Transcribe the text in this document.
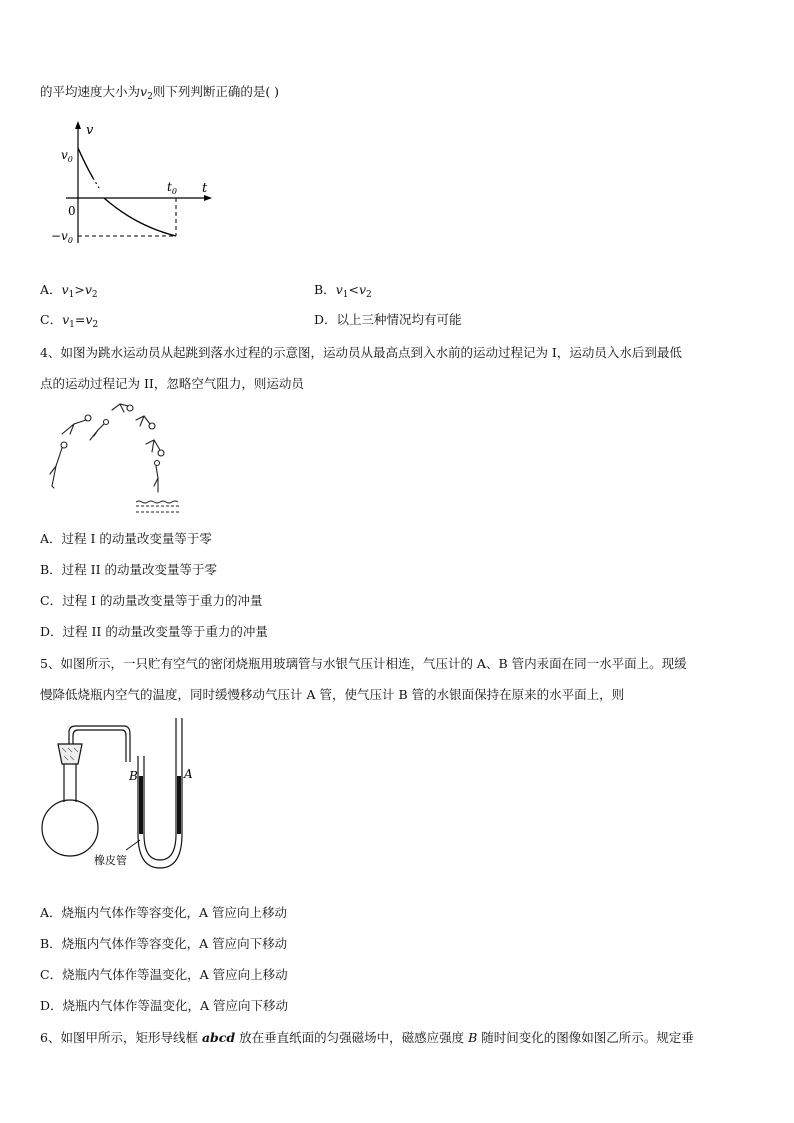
的平均速度大小为$v_2$则下列判断正确的是( )
v
t
$v_0$
0
$-v_0$
$t_0$
A．$v_1>v_2$	B．$v_1<v_2$
C．$v_1=v_2$	D．以上三种情况均有可能
4、如图为跳水运动员从起跳到落水过程的示意图，运动员从最高点到入水前的运动过程记为 I，运动员入水后到最低
点的运动过程记为 II，忽略空气阻力，则运动员
A．过程 I 的动量改变量等于零
B．过程 II 的动量改变量等于零
C．过程 I 的动量改变量等于重力的冲量
D．过程 II 的动量改变量等于重力的冲量
5、如图所示，一只贮有空气的密闭烧瓶用玻璃管与水银气压计相连，气压计的 A、B 管内汞面在同一水平面上。现缓
慢降低烧瓶内空气的温度，同时缓慢移动气压计 A 管，使气压计 B 管的水银面保持在原来的水平面上，则
B	A
橡皮管
A．烧瓶内气体作等容变化，A 管应向上移动
B．烧瓶内气体作等容变化，A 管应向下移动
C．烧瓶内气体作等温变化，A 管应向上移动
D．烧瓶内气体作等温变化，A 管应向下移动
6、如图甲所示，矩形导线框 abcd 放在垂直纸面的匀强磁场中，磁感应强度 B 随时间变化的图像如图乙所示。规定垂
